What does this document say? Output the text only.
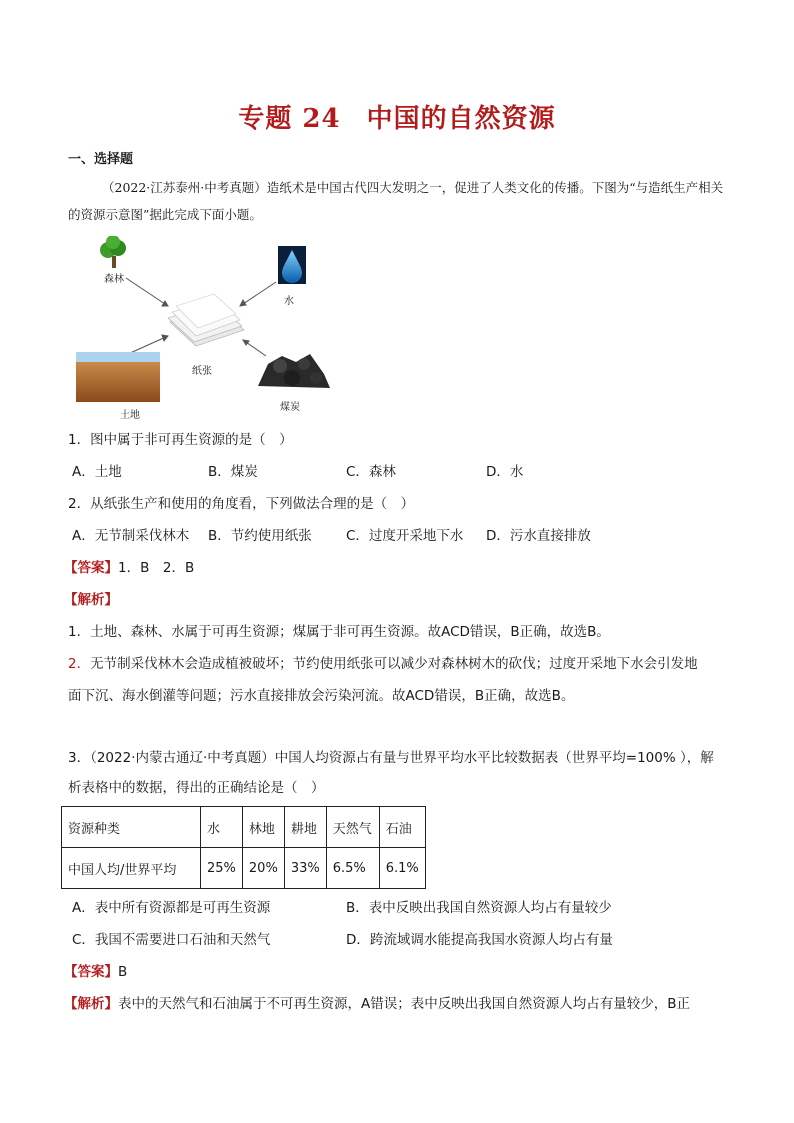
专题 24 中国的自然资源
一、选择题
（2022·江苏泰州·中考真题）造纸术是中国古代四大发明之一，促进了人类文化的传播。下图为“与造纸生产相关的资源示意图”据此完成下面小题。
森林
水
纸张
土地
煤炭
1．图中属于非可再生资源的是（　）
A．土地	B．煤炭	C．森林	D．水
2．从纸张生产和使用的角度看，下列做法合理的是（　）
A．无节制采伐林木 B．节约使用纸张	C．过度开采地下水 D．污水直接排放
【答案】1．B　2．B
【解析】
1．土地、森林、水属于可再生资源；煤属于非可再生资源。故ACD错误，B正确，故选B。
2．无节制采伐林木会造成植被破坏；节约使用纸张可以减少对森林树木的砍伐；过度开采地下水会引发地
面下沉、海水倒灌等问题；污水直接排放会污染河流。故ACD错误，B正确，故选B。
3．（2022·内蒙古通辽·中考真题）中国人均资源占有量与世界平均水平比较数据表（世界平均=100% ），解
析表格中的数据，得出的正确结论是（　）
资源种类	水	林地	耕地	天然气	石油
中国人均/世界平均	25%	20%	33%	6.5%	6.1%
A．表中所有资源都是可再生资源	B．表中反映出我国自然资源人均占有量较少
C．我国不需要进口石油和天然气	D．跨流域调水能提高我国水资源人均占有量
【答案】B
【解析】表中的天然气和石油属于不可再生资源，A错误；表中反映出我国自然资源人均占有量较少，B正
